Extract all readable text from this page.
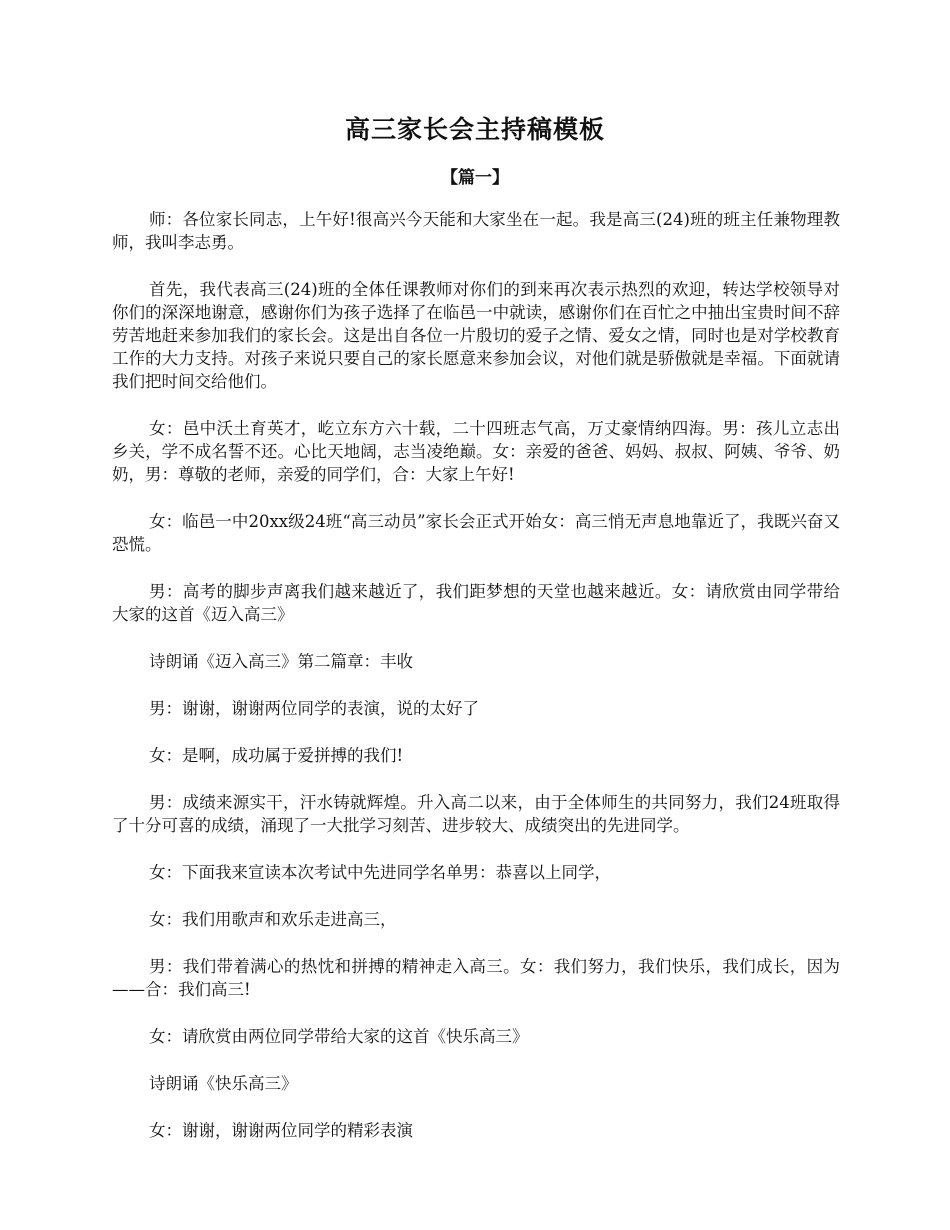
高三家长会主持稿模板
【篇一】

师：各位家长同志，上午好!很高兴今天能和大家坐在一起。我是高三(24)班的班主任兼物理教师，我叫李志勇。

首先，我代表高三(24)班的全体任课教师对你们的到来再次表示热烈的欢迎，转达学校领导对你们的深深地谢意，感谢你们为孩子选择了在临邑一中就读，感谢你们在百忙之中抽出宝贵时间不辞劳苦地赶来参加我们的家长会。这是出自各位一片殷切的爱子之情、爱女之情，同时也是对学校教育工作的大力支持。对孩子来说只要自己的家长愿意来参加会议，对他们就是骄傲就是幸福。下面就请我们把时间交给他们。

女：邑中沃土育英才，屹立东方六十载，二十四班志气高，万丈豪情纳四海。男：孩儿立志出乡关，学不成名誓不还。心比天地阔，志当凌绝巅。女：亲爱的爸爸、妈妈、叔叔、阿姨、爷爷、奶奶，男：尊敬的老师，亲爱的同学们，合：大家上午好!

女：临邑一中20xx级24班“高三动员”家长会正式开始女：高三悄无声息地靠近了，我既兴奋又恐慌。

男：高考的脚步声离我们越来越近了，我们距梦想的天堂也越来越近。女：请欣赏由同学带给大家的这首《迈入高三》

诗朗诵《迈入高三》第二篇章：丰收

男：谢谢，谢谢两位同学的表演，说的太好了

女：是啊，成功属于爱拼搏的我们!

男：成绩来源实干，汗水铸就辉煌。升入高二以来，由于全体师生的共同努力，我们24班取得了十分可喜的成绩，涌现了一大批学习刻苦、进步较大、成绩突出的先进同学。

女：下面我来宣读本次考试中先进同学名单男：恭喜以上同学，

女：我们用歌声和欢乐走进高三，

男：我们带着满心的热忱和拼搏的精神走入高三。女：我们努力，我们快乐，我们成长，因为——合：我们高三!

女：请欣赏由两位同学带给大家的这首《快乐高三》

诗朗诵《快乐高三》

女：谢谢，谢谢两位同学的精彩表演
